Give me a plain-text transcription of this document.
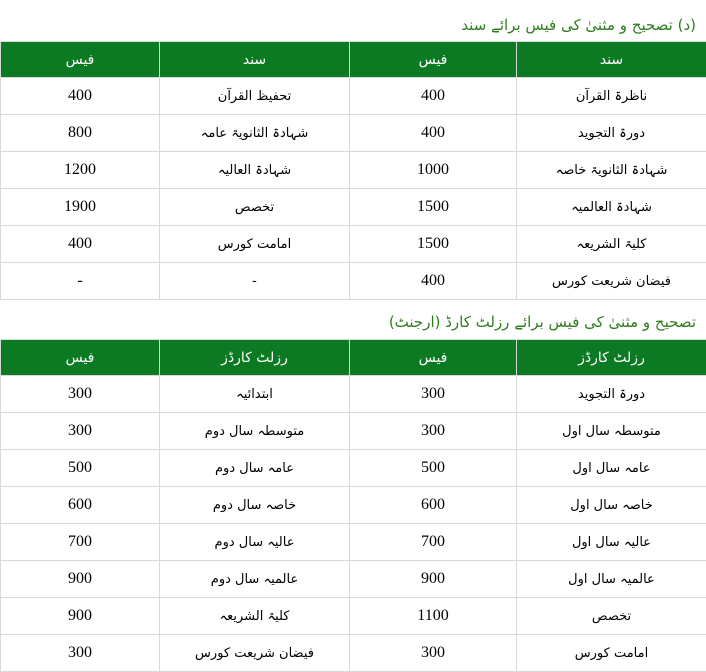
(د) تصحیح و مثنیٰ کی فیس برائے سند
سند	فیس	سند	فیس
ناظرۃ القرآن	400	تحفیظ القرآن	400
دورۃ التجوید	400	شہادۃ الثانویۃ عامہ	800
شہادۃ الثانویۃ خاصہ	1000	شہادۃ العالیہ	1200
شہادۃ العالمیہ	1500	تخصص	1900
کلیۃ الشریعہ	1500	امامت کورس	400
فیضان شریعت کورس	400	-	-
تصحیح و مثنیٰ کی فیس برائے رزلٹ کارڈ (ارجنٹ)
رزلٹ کارڈز	فیس	رزلٹ کارڈز	فیس
دورۃ التجوید	300	ابتدائیہ	300
متوسطہ سال اول	300	متوسطہ سال دوم	300
عامہ سال اول	500	عامہ سال دوم	500
خاصہ سال اول	600	خاصہ سال دوم	600
عالیہ سال اول	700	عالیہ سال دوم	700
عالمیہ سال اول	900	عالمیہ سال دوم	900
تخصص	1100	کلیۃ الشریعہ	900
امامت کورس	300	فیضان شریعت کورس	300
